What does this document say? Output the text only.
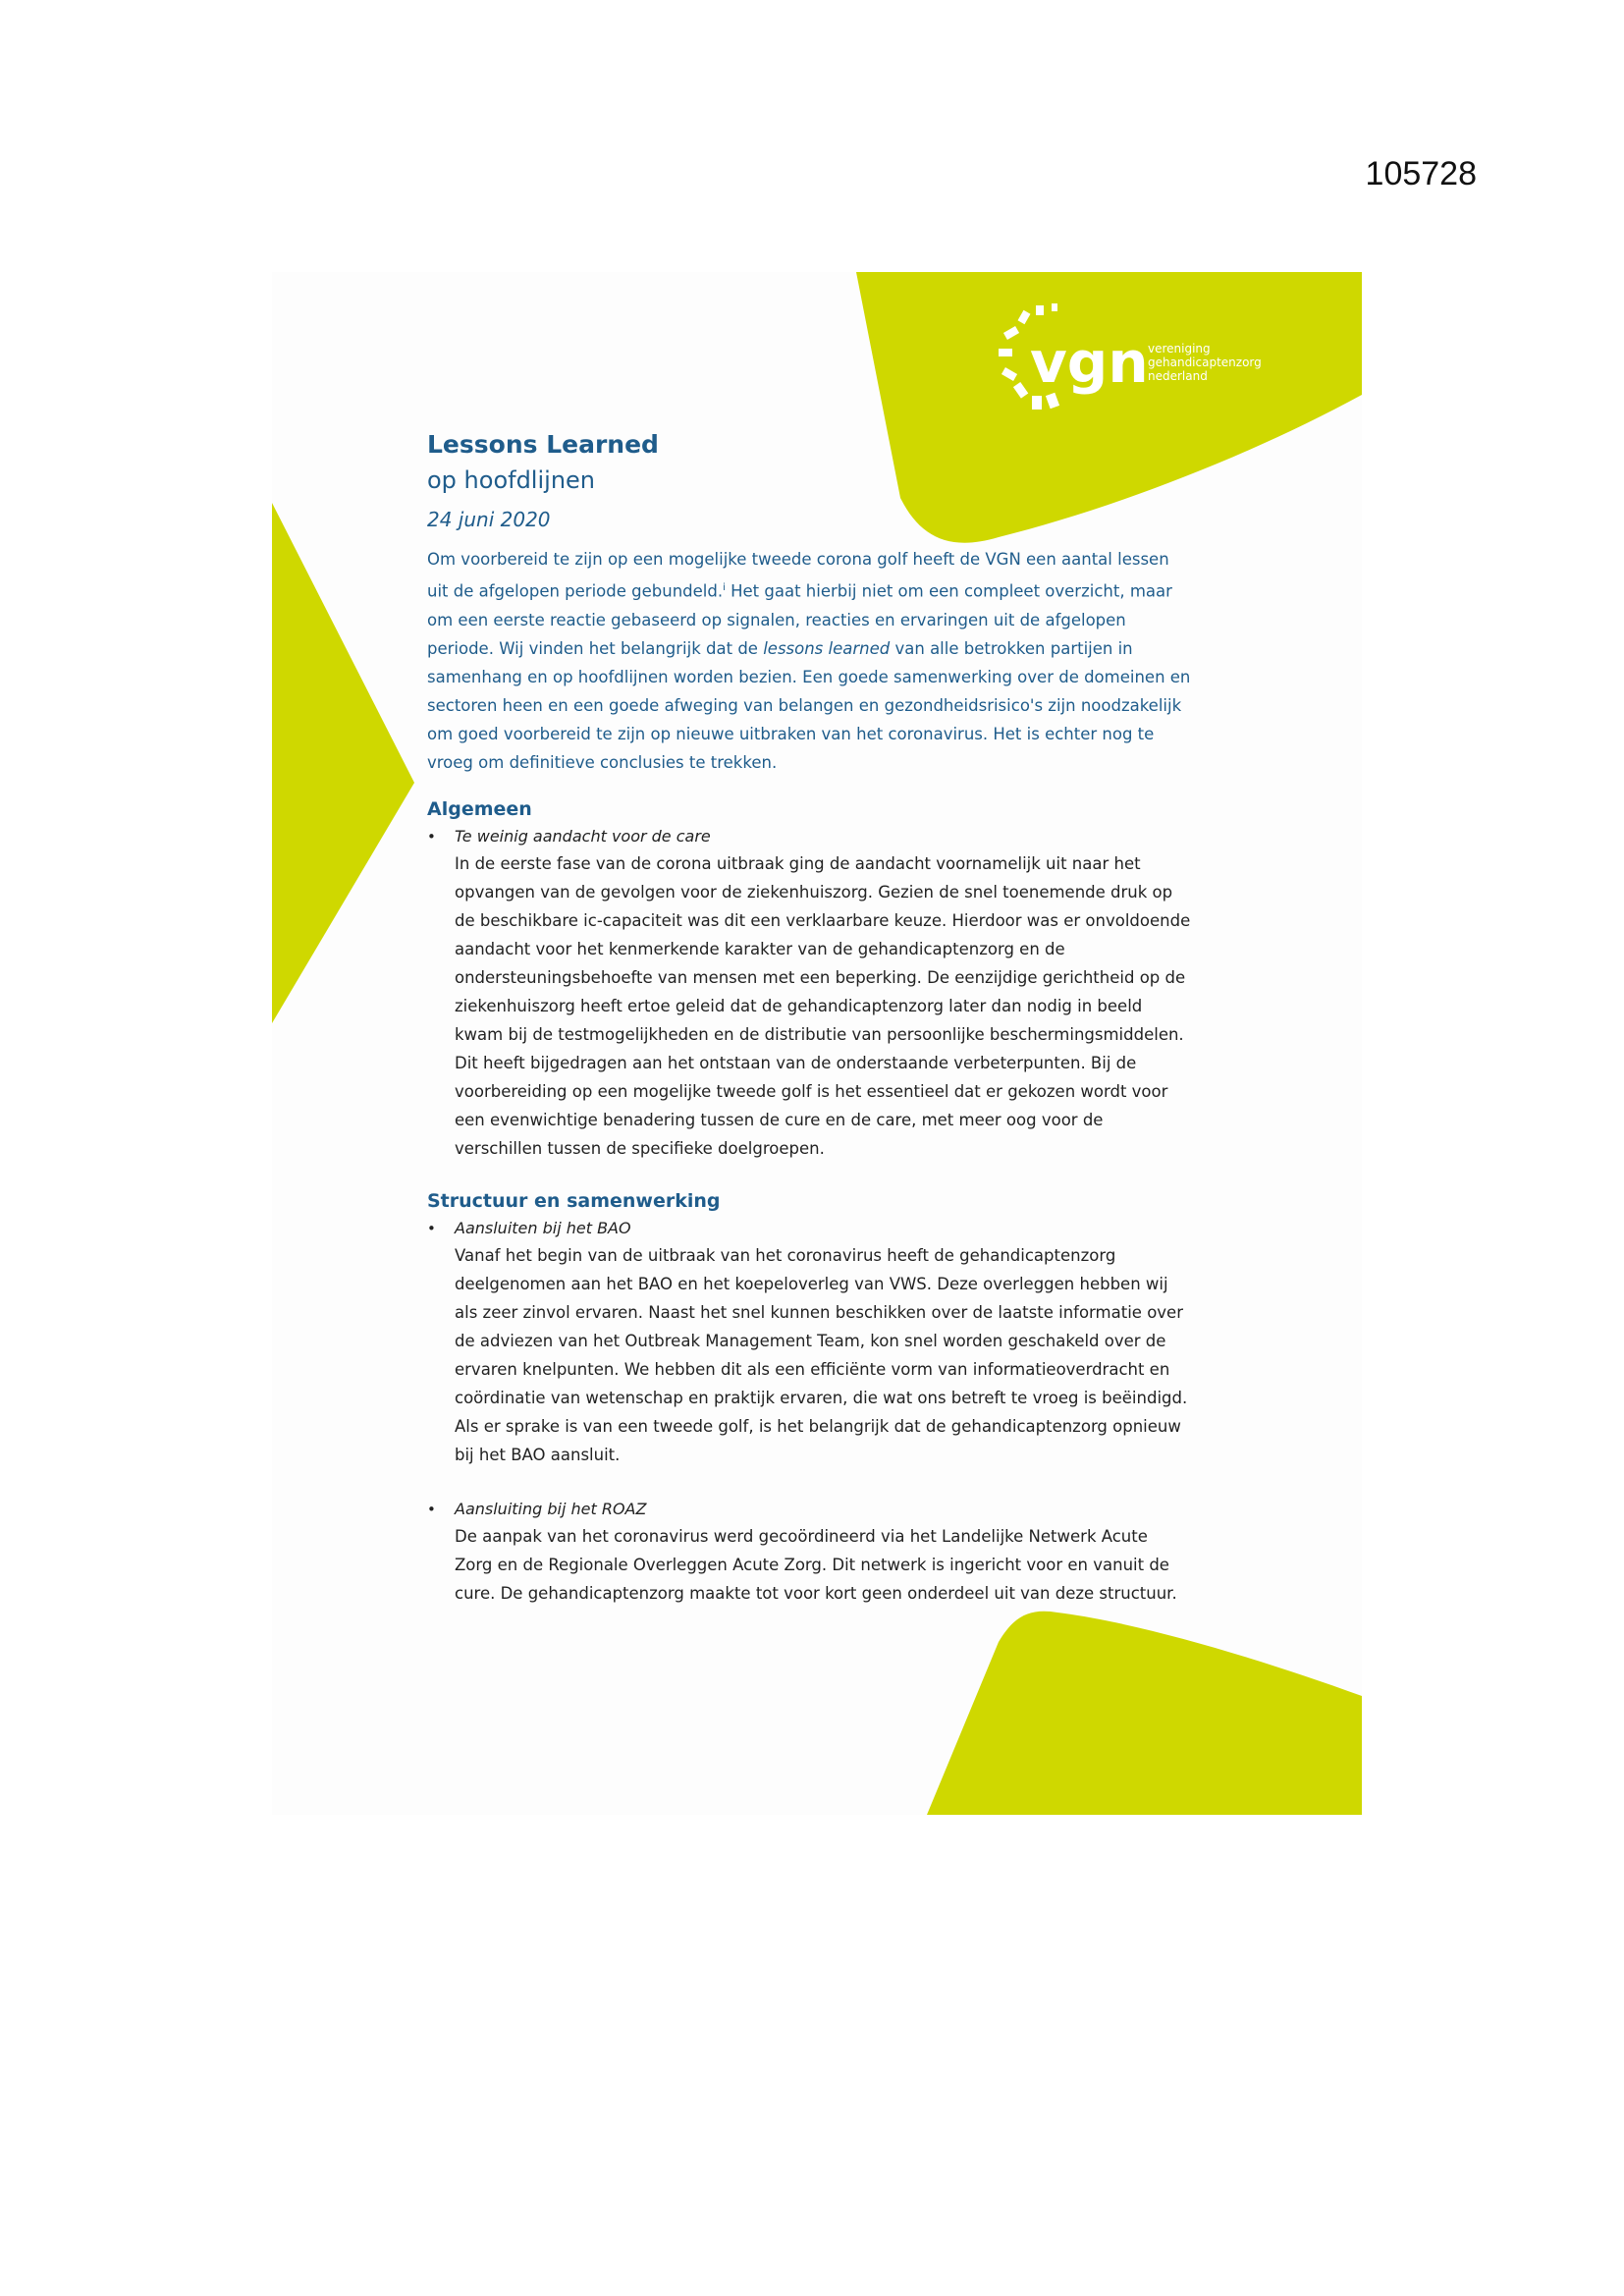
105728
vgn vereniging
gehandicaptenzorg
nederland
Lessons Learned
op hoofdlijnen
24 juni 2020

Om voorbereid te zijn op een mogelijke tweede corona golf heeft de VGN een aantal lessen
uit de afgelopen periode gebundeld.$^i$ Het gaat hierbij niet om een compleet overzicht, maar
om een eerste reactie gebaseerd op signalen, reacties en ervaringen uit de afgelopen
periode. Wij vinden het belangrijk dat de lessons learned van alle betrokken partijen in
samenhang en op hoofdlijnen worden bezien. Een goede samenwerking over de domeinen en
sectoren heen en een goede afweging van belangen en gezondheidsrisico's zijn noodzakelijk
om goed voorbereid te zijn op nieuwe uitbraken van het coronavirus. Het is echter nog te
vroeg om definitieve conclusies te trekken.

Algemeen
• Te weinig aandacht voor de care

In de eerste fase van de corona uitbraak ging de aandacht voornamelijk uit naar het
opvangen van de gevolgen voor de ziekenhuiszorg. Gezien de snel toenemende druk op
de beschikbare ic-capaciteit was dit een verklaarbare keuze. Hierdoor was er onvoldoende
aandacht voor het kenmerkende karakter van de gehandicaptenzorg en de
ondersteuningsbehoefte van mensen met een beperking. De eenzijdige gerichtheid op de
ziekenhuiszorg heeft ertoe geleid dat de gehandicaptenzorg later dan nodig in beeld
kwam bij de testmogelijkheden en de distributie van persoonlijke beschermingsmiddelen.
Dit heeft bijgedragen aan het ontstaan van de onderstaande verbeterpunten. Bij de
voorbereiding op een mogelijke tweede golf is het essentieel dat er gekozen wordt voor
een evenwichtige benadering tussen de cure en de care, met meer oog voor de
verschillen tussen de specifieke doelgroepen.

Structuur en samenwerking
• Aansluiten bij het BAO

Vanaf het begin van de uitbraak van het coronavirus heeft de gehandicaptenzorg
deelgenomen aan het BAO en het koepeloverleg van VWS. Deze overleggen hebben wij
als zeer zinvol ervaren. Naast het snel kunnen beschikken over de laatste informatie over
de adviezen van het Outbreak Management Team, kon snel worden geschakeld over de
ervaren knelpunten. We hebben dit als een efficiënte vorm van informatieoverdracht en
coördinatie van wetenschap en praktijk ervaren, die wat ons betreft te vroeg is beëindigd.
Als er sprake is van een tweede golf, is het belangrijk dat de gehandicaptenzorg opnieuw
bij het BAO aansluit.

• Aansluiting bij het ROAZ

De aanpak van het coronavirus werd gecoördineerd via het Landelijke Netwerk Acute
Zorg en de Regionale Overleggen Acute Zorg. Dit netwerk is ingericht voor en vanuit de
cure. De gehandicaptenzorg maakte tot voor kort geen onderdeel uit van deze structuur.
